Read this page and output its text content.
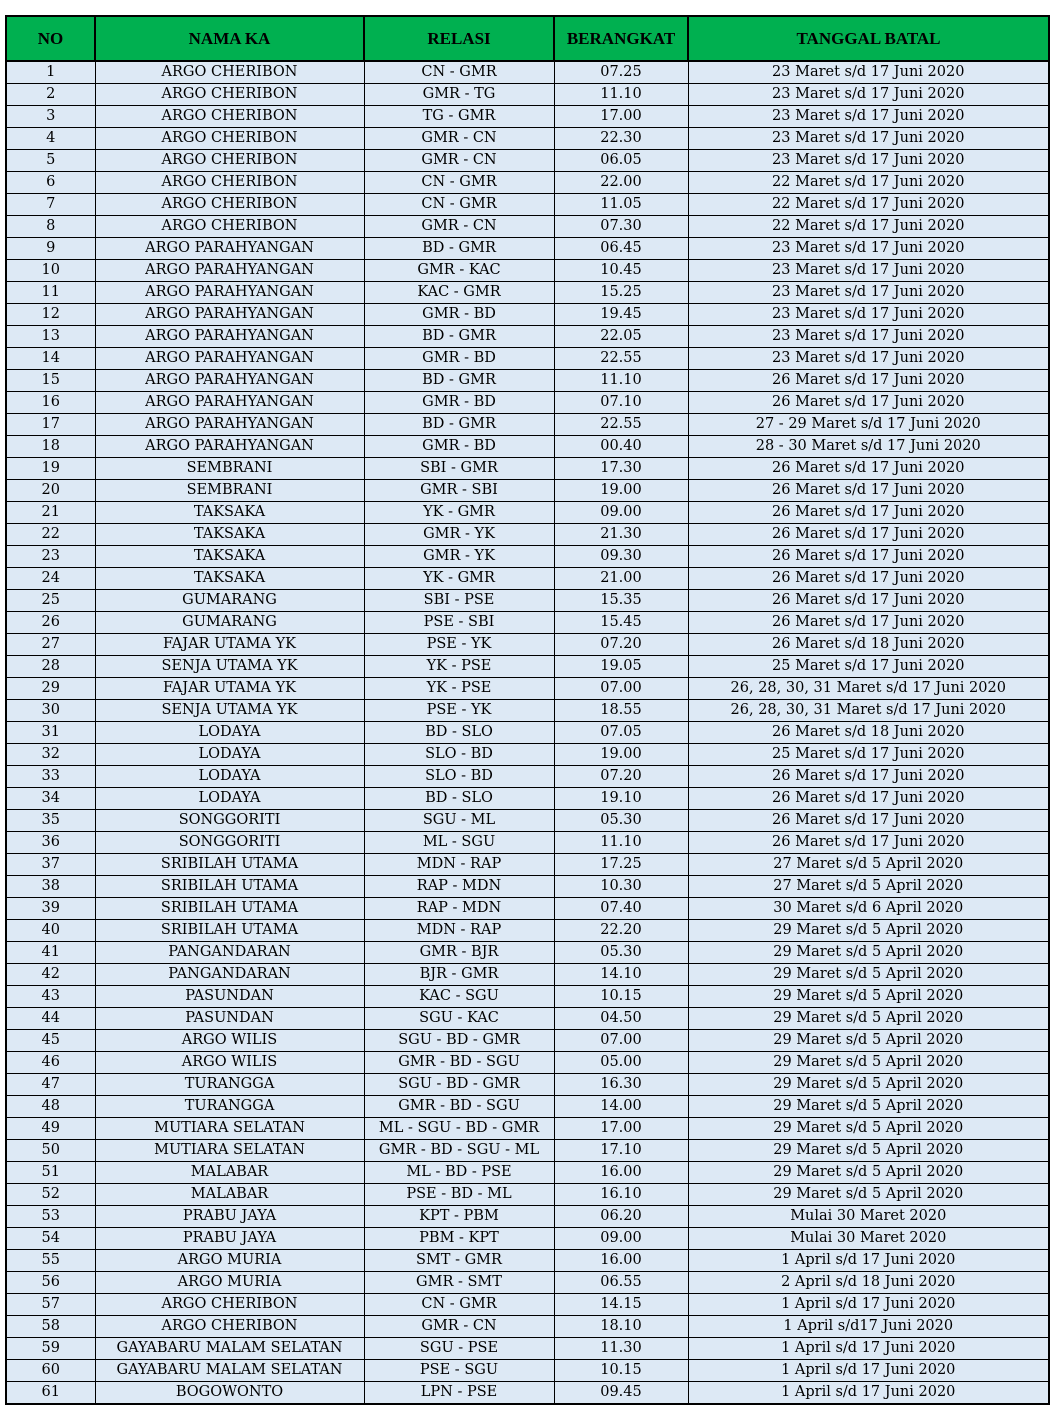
NO	NAMA KA	RELASI	BERANGKAT	TANGGAL BATAL
1	ARGO CHERIBON	CN - GMR	07.25	23 Maret s/d 17 Juni 2020
2	ARGO CHERIBON	GMR - TG	11.10	23 Maret s/d 17 Juni 2020
3	ARGO CHERIBON	TG - GMR	17.00	23 Maret s/d 17 Juni 2020
4	ARGO CHERIBON	GMR - CN	22.30	23 Maret s/d 17 Juni 2020
5	ARGO CHERIBON	GMR - CN	06.05	23 Maret s/d 17 Juni 2020
6	ARGO CHERIBON	CN - GMR	22.00	22 Maret s/d 17 Juni 2020
7	ARGO CHERIBON	CN - GMR	11.05	22 Maret s/d 17 Juni 2020
8	ARGO CHERIBON	GMR - CN	07.30	22 Maret s/d 17 Juni 2020
9	ARGO PARAHYANGAN	BD - GMR	06.45	23 Maret s/d 17 Juni 2020
10	ARGO PARAHYANGAN	GMR - KAC	10.45	23 Maret s/d 17 Juni 2020
11	ARGO PARAHYANGAN	KAC - GMR	15.25	23 Maret s/d 17 Juni 2020
12	ARGO PARAHYANGAN	GMR - BD	19.45	23 Maret s/d 17 Juni 2020
13	ARGO PARAHYANGAN	BD - GMR	22.05	23 Maret s/d 17 Juni 2020
14	ARGO PARAHYANGAN	GMR - BD	22.55	23 Maret s/d 17 Juni 2020
15	ARGO PARAHYANGAN	BD - GMR	11.10	26 Maret s/d 17 Juni 2020
16	ARGO PARAHYANGAN	GMR - BD	07.10	26 Maret s/d 17 Juni 2020
17	ARGO PARAHYANGAN	BD - GMR	22.55	27 - 29 Maret s/d 17 Juni 2020
18	ARGO PARAHYANGAN	GMR - BD	00.40	28 - 30 Maret s/d 17 Juni 2020
19	SEMBRANI	SBI - GMR	17.30	26 Maret s/d 17 Juni 2020
20	SEMBRANI	GMR - SBI	19.00	26 Maret s/d 17 Juni 2020
21	TAKSAKA	YK - GMR	09.00	26 Maret s/d 17 Juni 2020
22	TAKSAKA	GMR - YK	21.30	26 Maret s/d 17 Juni 2020
23	TAKSAKA	GMR - YK	09.30	26 Maret s/d 17 Juni 2020
24	TAKSAKA	YK - GMR	21.00	26 Maret s/d 17 Juni 2020
25	GUMARANG	SBI - PSE	15.35	26 Maret s/d 17 Juni 2020
26	GUMARANG	PSE - SBI	15.45	26 Maret s/d 17 Juni 2020
27	FAJAR UTAMA YK	PSE - YK	07.20	26 Maret s/d 18 Juni 2020
28	SENJA UTAMA YK	YK - PSE	19.05	25 Maret s/d 17 Juni 2020
29	FAJAR UTAMA YK	YK - PSE	07.00	26, 28, 30, 31 Maret s/d 17 Juni 2020
30	SENJA UTAMA YK	PSE - YK	18.55	26, 28, 30, 31 Maret s/d 17 Juni 2020
31	LODAYA	BD - SLO	07.05	26 Maret s/d 18 Juni 2020
32	LODAYA	SLO - BD	19.00	25 Maret s/d 17 Juni 2020
33	LODAYA	SLO - BD	07.20	26 Maret s/d 17 Juni 2020
34	LODAYA	BD - SLO	19.10	26 Maret s/d 17 Juni 2020
35	SONGGORITI	SGU - ML	05.30	26 Maret s/d 17 Juni 2020
36	SONGGORITI	ML - SGU	11.10	26 Maret s/d 17 Juni 2020
37	SRIBILAH UTAMA	MDN - RAP	17.25	27 Maret s/d 5 April 2020
38	SRIBILAH UTAMA	RAP - MDN	10.30	27 Maret s/d 5 April 2020
39	SRIBILAH UTAMA	RAP - MDN	07.40	30 Maret s/d 6 April 2020
40	SRIBILAH UTAMA	MDN - RAP	22.20	29 Maret s/d 5 April 2020
41	PANGANDARAN	GMR - BJR	05.30	29 Maret s/d 5 April 2020
42	PANGANDARAN	BJR - GMR	14.10	29 Maret s/d 5 April 2020
43	PASUNDAN	KAC - SGU	10.15	29 Maret s/d 5 April 2020
44	PASUNDAN	SGU - KAC	04.50	29 Maret s/d 5 April 2020
45	ARGO WILIS	SGU - BD - GMR	07.00	29 Maret s/d 5 April 2020
46	ARGO WILIS	GMR - BD - SGU	05.00	29 Maret s/d 5 April 2020
47	TURANGGA	SGU - BD - GMR	16.30	29 Maret s/d 5 April 2020
48	TURANGGA	GMR - BD - SGU	14.00	29 Maret s/d 5 April 2020
49	MUTIARA SELATAN	ML - SGU - BD - GMR	17.00	29 Maret s/d 5 April 2020
50	MUTIARA SELATAN	GMR - BD - SGU - ML	17.10	29 Maret s/d 5 April 2020
51	MALABAR	ML - BD - PSE	16.00	29 Maret s/d 5 April 2020
52	MALABAR	PSE - BD - ML	16.10	29 Maret s/d 5 April 2020
53	PRABU JAYA	KPT - PBM	06.20	Mulai 30 Maret 2020
54	PRABU JAYA	PBM - KPT	09.00	Mulai 30 Maret 2020
55	ARGO MURIA	SMT - GMR	16.00	1 April s/d 17 Juni 2020
56	ARGO MURIA	GMR - SMT	06.55	2 April s/d 18 Juni 2020
57	ARGO CHERIBON	CN - GMR	14.15	1 April s/d 17 Juni 2020
58	ARGO CHERIBON	GMR - CN	18.10	1 April s/d17 Juni 2020
59	GAYABARU MALAM SELATAN	SGU - PSE	11.30	1 April s/d 17 Juni 2020
60	GAYABARU MALAM SELATAN	PSE - SGU	10.15	1 April s/d 17 Juni 2020
61	BOGOWONTO	LPN - PSE	09.45	1 April s/d 17 Juni 2020
